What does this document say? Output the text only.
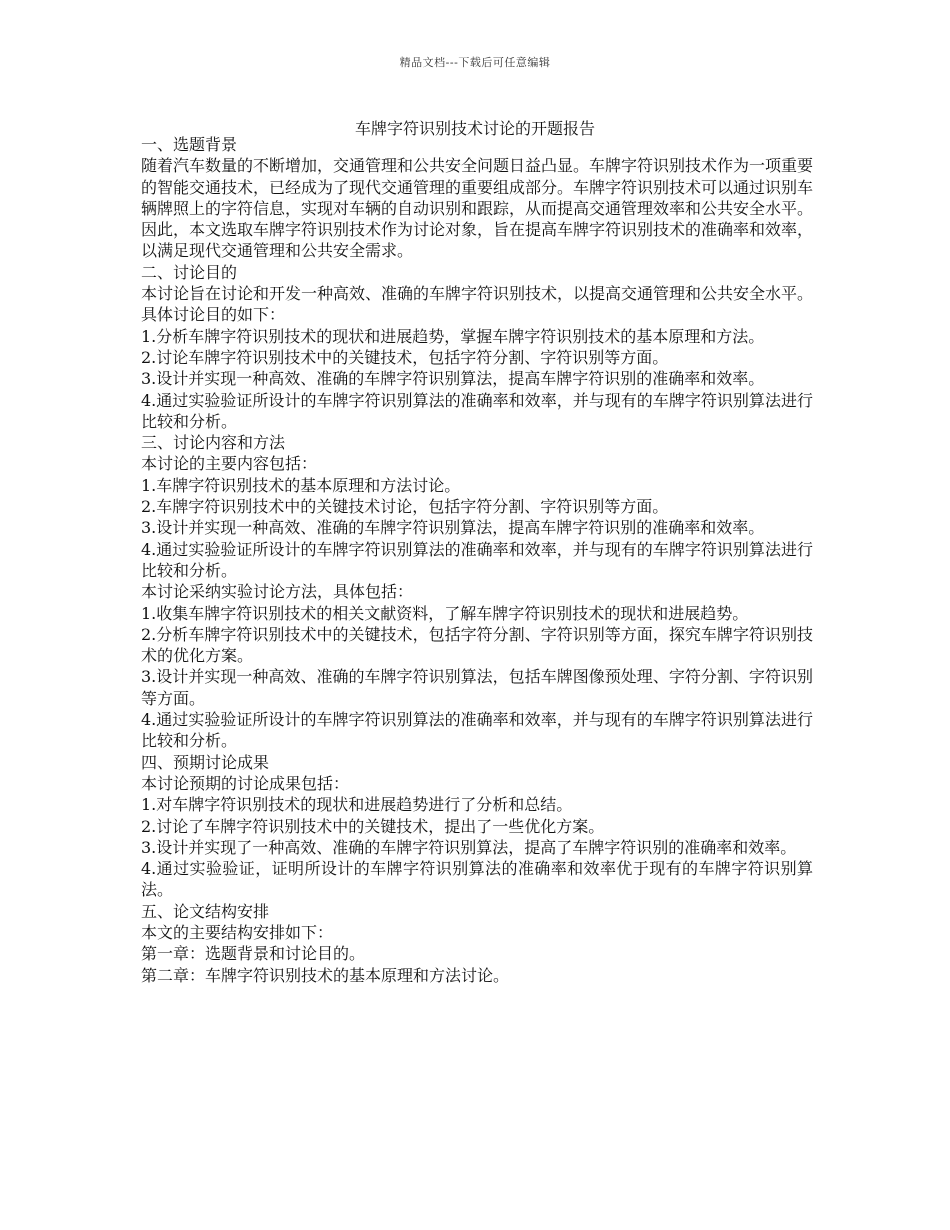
精品文档---下载后可任意编辑
车牌字符识别技术讨论的开题报告

一、选题背景

随着汽车数量的不断增加，交通管理和公共安全问题日益凸显。车牌字符识别技术作为一项重要的智能交通技术，已经成为了现代交通管理的重要组成部分。车牌字符识别技术可以通过识别车辆牌照上的字符信息，实现对车辆的自动识别和跟踪，从而提高交通管理效率和公共安全水平。因此，本文选取车牌字符识别技术作为讨论对象，旨在提高车牌字符识别技术的准确率和效率，以满足现代交通管理和公共安全需求。

二、讨论目的

本讨论旨在讨论和开发一种高效、准确的车牌字符识别技术，以提高交通管理和公共安全水平。具体讨论目的如下：

1.分析车牌字符识别技术的现状和进展趋势，掌握车牌字符识别技术的基本原理和方法。

2.讨论车牌字符识别技术中的关键技术，包括字符分割、字符识别等方面。

3.设计并实现一种高效、准确的车牌字符识别算法，提高车牌字符识别的准确率和效率。

4.通过实验验证所设计的车牌字符识别算法的准确率和效率，并与现有的车牌字符识别算法进行比较和分析。

三、讨论内容和方法

本讨论的主要内容包括：

1.车牌字符识别技术的基本原理和方法讨论。

2.车牌字符识别技术中的关键技术讨论，包括字符分割、字符识别等方面。

3.设计并实现一种高效、准确的车牌字符识别算法，提高车牌字符识别的准确率和效率。

4.通过实验验证所设计的车牌字符识别算法的准确率和效率，并与现有的车牌字符识别算法进行比较和分析。

本讨论采纳实验讨论方法，具体包括：

1.收集车牌字符识别技术的相关文献资料，了解车牌字符识别技术的现状和进展趋势。

2.分析车牌字符识别技术中的关键技术，包括字符分割、字符识别等方面，探究车牌字符识别技术的优化方案。

3.设计并实现一种高效、准确的车牌字符识别算法，包括车牌图像预处理、字符分割、字符识别等方面。

4.通过实验验证所设计的车牌字符识别算法的准确率和效率，并与现有的车牌字符识别算法进行比较和分析。

四、预期讨论成果

本讨论预期的讨论成果包括：

1.对车牌字符识别技术的现状和进展趋势进行了分析和总结。

2.讨论了车牌字符识别技术中的关键技术，提出了一些优化方案。

3.设计并实现了一种高效、准确的车牌字符识别算法，提高了车牌字符识别的准确率和效率。

4.通过实验验证，证明所设计的车牌字符识别算法的准确率和效率优于现有的车牌字符识别算法。

五、论文结构安排

本文的主要结构安排如下：

第一章：选题背景和讨论目的。

第二章：车牌字符识别技术的基本原理和方法讨论。
